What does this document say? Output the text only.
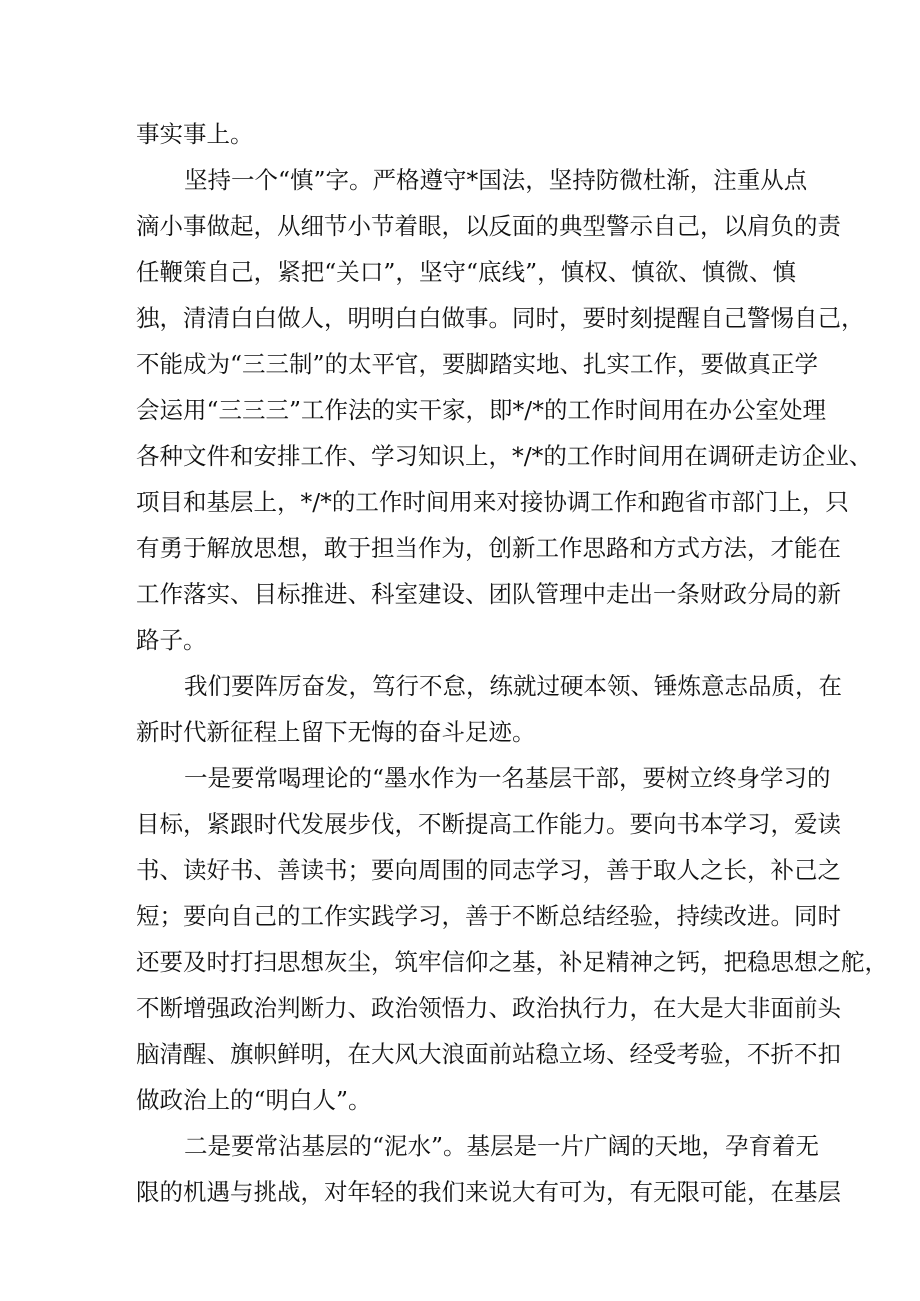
事实事上。

坚持一个“慎”字。严格遵守*国法，坚持防微杜渐，注重从点

滴小事做起，从细节小节着眼，以反面的典型警示自己，以肩负的责

任鞭策自己，紧把“关口”，坚守“底线”，慎权、慎欲、慎微、慎

独，清清白白做人，明明白白做事。同时，要时刻提醒自己警惕自己，

不能成为“三三制”的太平官，要脚踏实地、扎实工作，要做真正学

会运用“三三三”工作法的实干家，即*/*的工作时间用在办公室处理

各种文件和安排工作、学习知识上，*/*的工作时间用在调研走访企业、

项目和基层上，*/*的工作时间用来对接协调工作和跑省市部门上，只

有勇于解放思想，敢于担当作为，创新工作思路和方式方法，才能在

工作落实、目标推进、科室建设、团队管理中走出一条财政分局的新

路子。

我们要阵厉奋发，笃行不怠，练就过硬本领、锤炼意志品质，在

新时代新征程上留下无悔的奋斗足迹。

一是要常喝理论的“墨水作为一名基层干部，要树立终身学习的

目标，紧跟时代发展步伐，不断提高工作能力。要向书本学习，爱读

书、读好书、善读书；要向周围的同志学习，善于取人之长，补己之

短；要向自己的工作实践学习，善于不断总结经验，持续改进。同时

还要及时打扫思想灰尘，筑牢信仰之基，补足精神之钙，把稳思想之舵，

不断增强政治判断力、政治领悟力、政治执行力，在大是大非面前头

脑清醒、旗帜鲜明，在大风大浪面前站稳立场、经受考验，不折不扣

做政治上的“明白人”。

二是要常沾基层的“泥水”。基层是一片广阔的天地，孕育着无

限的机遇与挑战，对年轻的我们来说大有可为，有无限可能，在基层
